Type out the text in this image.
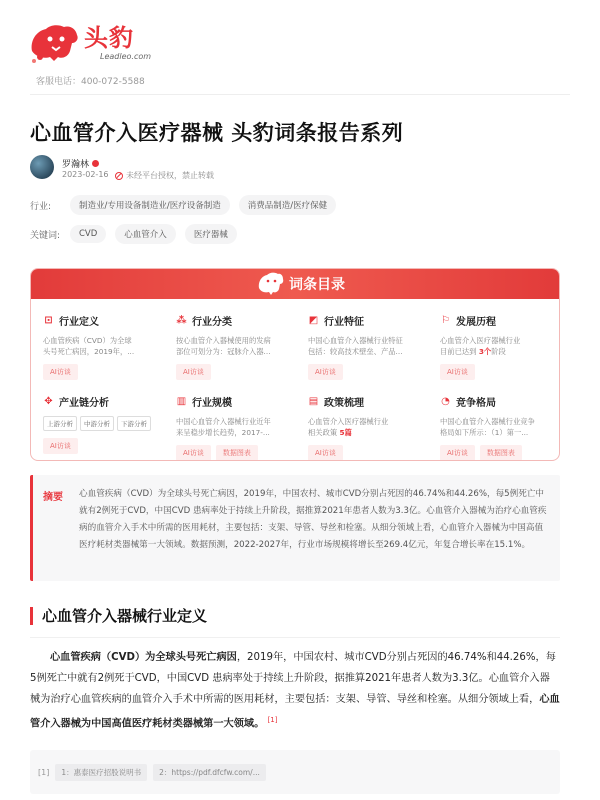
头豹
Leadleo.com
客服电话：400-072-5588
心血管介入医疗器械 头豹词条报告系列
罗瀚林
2023-02-16 未经平台授权，禁止转载
行业:	制造业/专用设备制造业/医疗设备制造	消费品制造/医疗保健
关键词:	CVD	心血管介入	医疗器械
词条目录
⊡ 行业定义
心血管疾病（CVD）为全球
头号死亡病因，2019年，...
AI访谈
⁂ 行业分类
按心血管介入器械使用的发病
部位可划分为：冠脉介入器...
AI访谈
◩ 行业特征
中国心血管介入器械行业特征
包括：较高技术壁垒、产品...
AI访谈
⚐ 发展历程
心血管介入医疗器械行业
目前已达到 3个阶段
AI访谈
✥ 产业链分析
上游分析	中游分析	下游分析
AI访谈
▥ 行业规模
中国心血管介入器械行业近年
来呈稳步增长趋势，2017-...
AI访谈	数据图表
▤ 政策梳理
心血管介入医疗器械行业
相关政策 5篇
AI访谈
◔ 竞争格局
中国心血管介入器械行业竞争
格局如下所示：（1）第一...
AI访谈	数据图表
摘要 心血管疾病（CVD）为全球头号死亡病因，2019年，中国农村、城市CVD分别占死因的46.74%和44.26%，每5例死亡中就有2例死于CVD，中国CVD 患病率处于持续上升阶段，据推算2021年患者人数为3.3亿。心血管介入器械为治疗心血管疾病的血管介入手术中所需的医用耗材，主要包括：支架、导管、导丝和栓塞。从细分领域上看，心血管介入器械为中国高值医疗耗材类器械第一大领域。数据预测，2022-2027年，行业市场规模将增长至269.4亿元，年复合增长率在15.1%。
心血管介入器械行业定义
心血管疾病（CVD）为全球头号死亡病因，2019年，中国农村、城市CVD分别占死因的46.74%和44.26%，每5例死亡中就有2例死于CVD，中国CVD 患病率处于持续上升阶段，据推算2021年患者人数为3.3亿。心血管介入器械为治疗心血管疾病的血管介入手术中所需的医用耗材，主要包括：支架、导管、导丝和栓塞。从细分领域上看，心血管介入器械为中国高值医疗耗材类器械第一大领域。 [1]
[1]	1：惠泰医疗招股说明书	2：https://pdf.dfcfw.com/...
